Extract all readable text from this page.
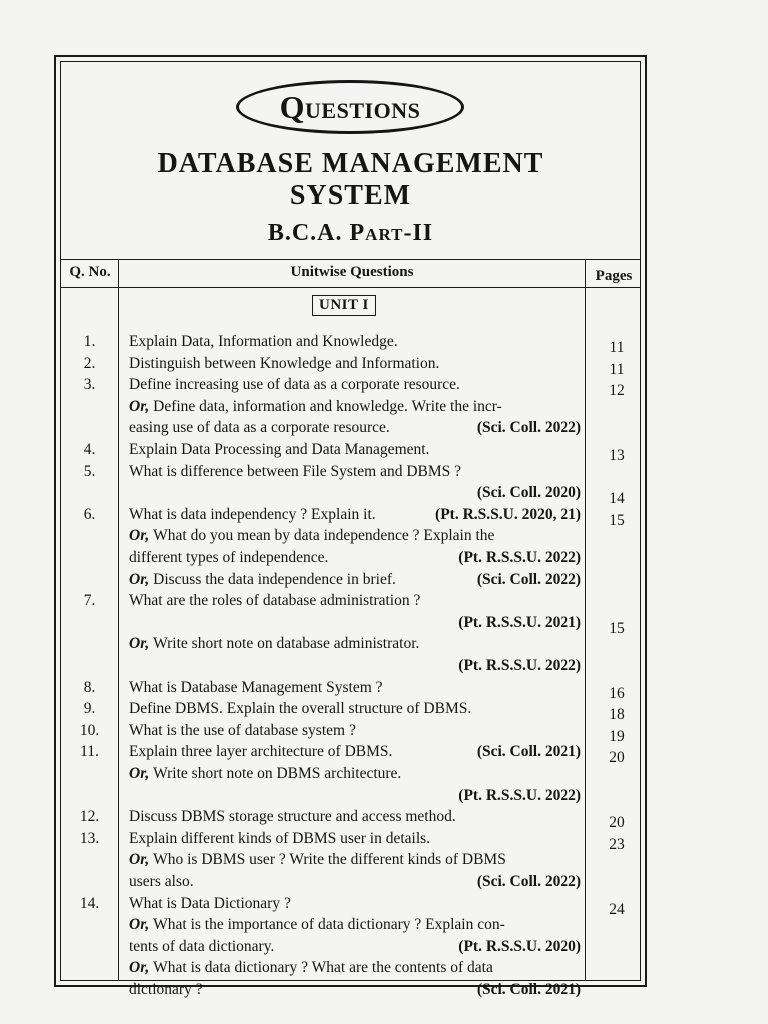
Questions
DATABASE MANAGEMENT
SYSTEM
B.C.A. Part-II
Q. No.	Unitwise Questions	Pages
UNIT I
1.	Explain Data, Information and Knowledge.	11
2.	Distinguish between Knowledge and Information.	11
3.	Define increasing use of data as a corporate resource.	12
Or, Define data, information and knowledge. Write the incr-
easing use of data as a corporate resource.	(Sci. Coll. 2022)
4.	Explain Data Processing and Data Management.	13
5.	What is difference between File System and DBMS ?
(Sci. Coll. 2020)	14
6.	What is data independency ? Explain it.	(Pt. R.S.S.U. 2020, 21)	15
Or, What do you mean by data independence ? Explain the
different types of independence.	(Pt. R.S.S.U. 2022)
Or, Discuss the data independence in brief.	(Sci. Coll. 2022)
7.	What are the roles of database administration ?
(Pt. R.S.S.U. 2021)	15
Or, Write short note on database administrator.
(Pt. R.S.S.U. 2022)
8.	What is Database Management System ?	16
9.	Define DBMS. Explain the overall structure of DBMS.	18
10.	What is the use of database system ?	19
11.	Explain three layer architecture of DBMS.	(Sci. Coll. 2021)	20
Or, Write short note on DBMS architecture.
(Pt. R.S.S.U. 2022)
12.	Discuss DBMS storage structure and access method.	20
13.	Explain different kinds of DBMS user in details.	23
Or, Who is DBMS user ? Write the different kinds of DBMS
users also.	(Sci. Coll. 2022)
14.	What is Data Dictionary ?	24
Or, What is the importance of data dictionary ? Explain con-
tents of data dictionary.	(Pt. R.S.S.U. 2020)
Or, What is data dictionary ? What are the contents of data
dictionary ?	(Sci. Coll. 2021)
